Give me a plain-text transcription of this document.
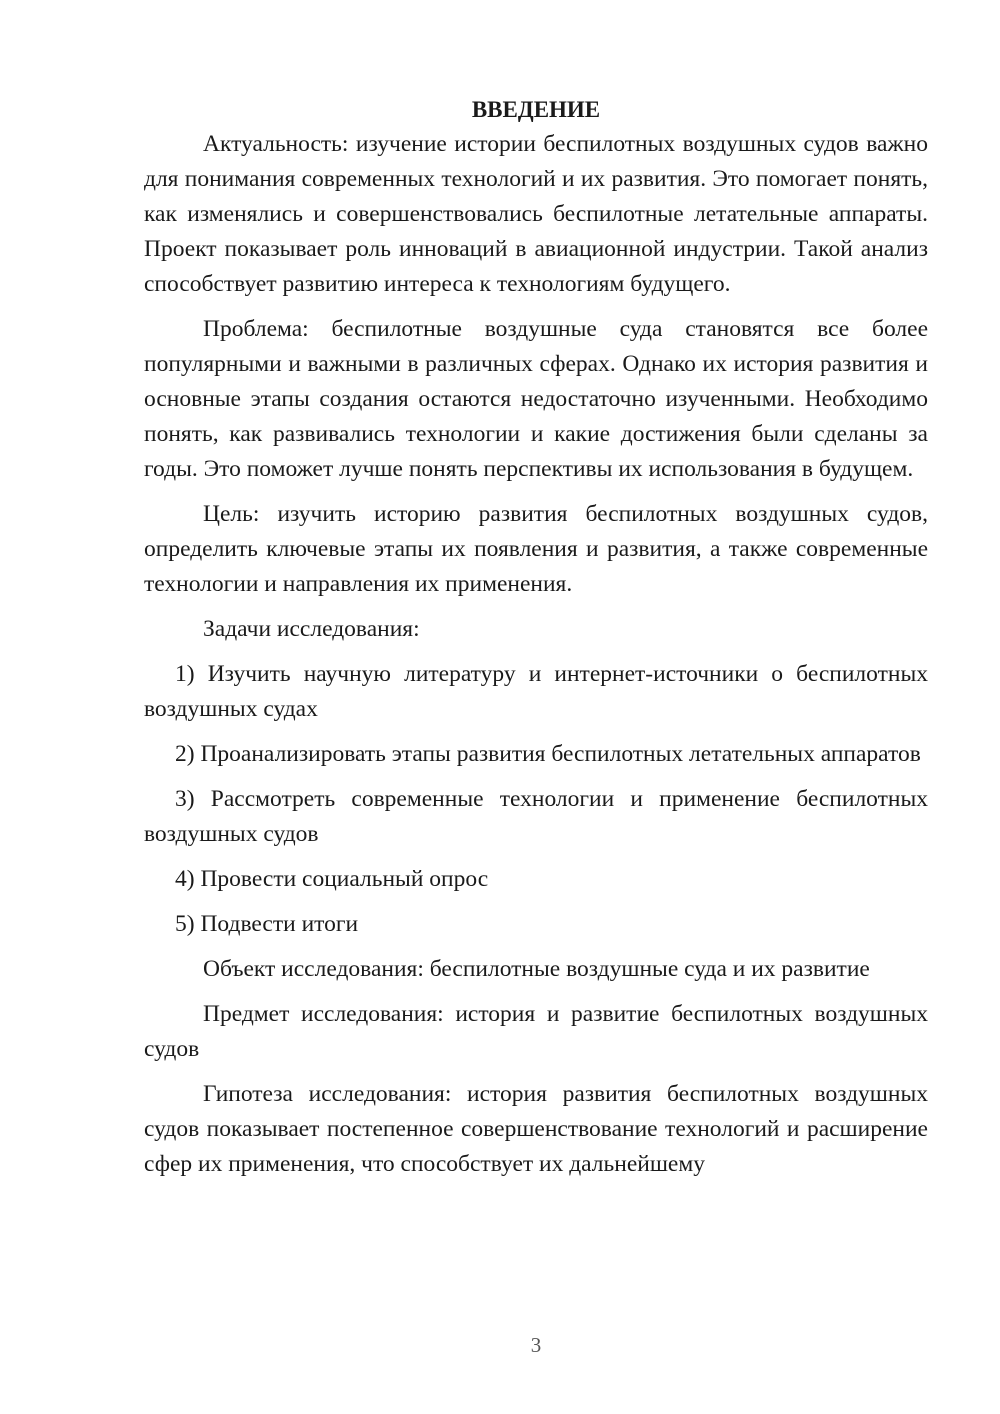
ВВЕДЕНИЕ

Актуальность: изучение истории беспилотных воздушных судов важно для понимания современных технологий и их развития. Это помогает понять, как изменялись и совершенствовались беспилотные летательные аппараты. Проект показывает роль инноваций в авиационной индустрии. Такой анализ способствует развитию интереса к технологиям будущего.

Проблема: беспилотные воздушные суда становятся все более популярными и важными в различных сферах. Однако их история развития и основные этапы создания остаются недостаточно изученными. Необходимо понять, как развивались технологии и какие достижения были сделаны за годы. Это поможет лучше понять перспективы их использования в будущем.

Цель: изучить историю развития беспилотных воздушных судов, определить ключевые этапы их появления и развития, а также современные технологии и направления их применения.

Задачи исследования:

1) Изучить научную литературу и интернет-источники о беспилотных воздушных судах

2) Проанализировать этапы развития беспилотных летательных аппаратов

3) Рассмотреть современные технологии и применение беспилотных воздушных судов

4) Провести социальный опрос

5) Подвести итоги

Объект исследования: беспилотные воздушные суда и их развитие

Предмет исследования: история и развитие беспилотных воздушных судов

Гипотеза исследования: история развития беспилотных воздушных судов показывает постепенное совершенствование технологий и расширение сфер их применения, что способствует их дальнейшему

3
